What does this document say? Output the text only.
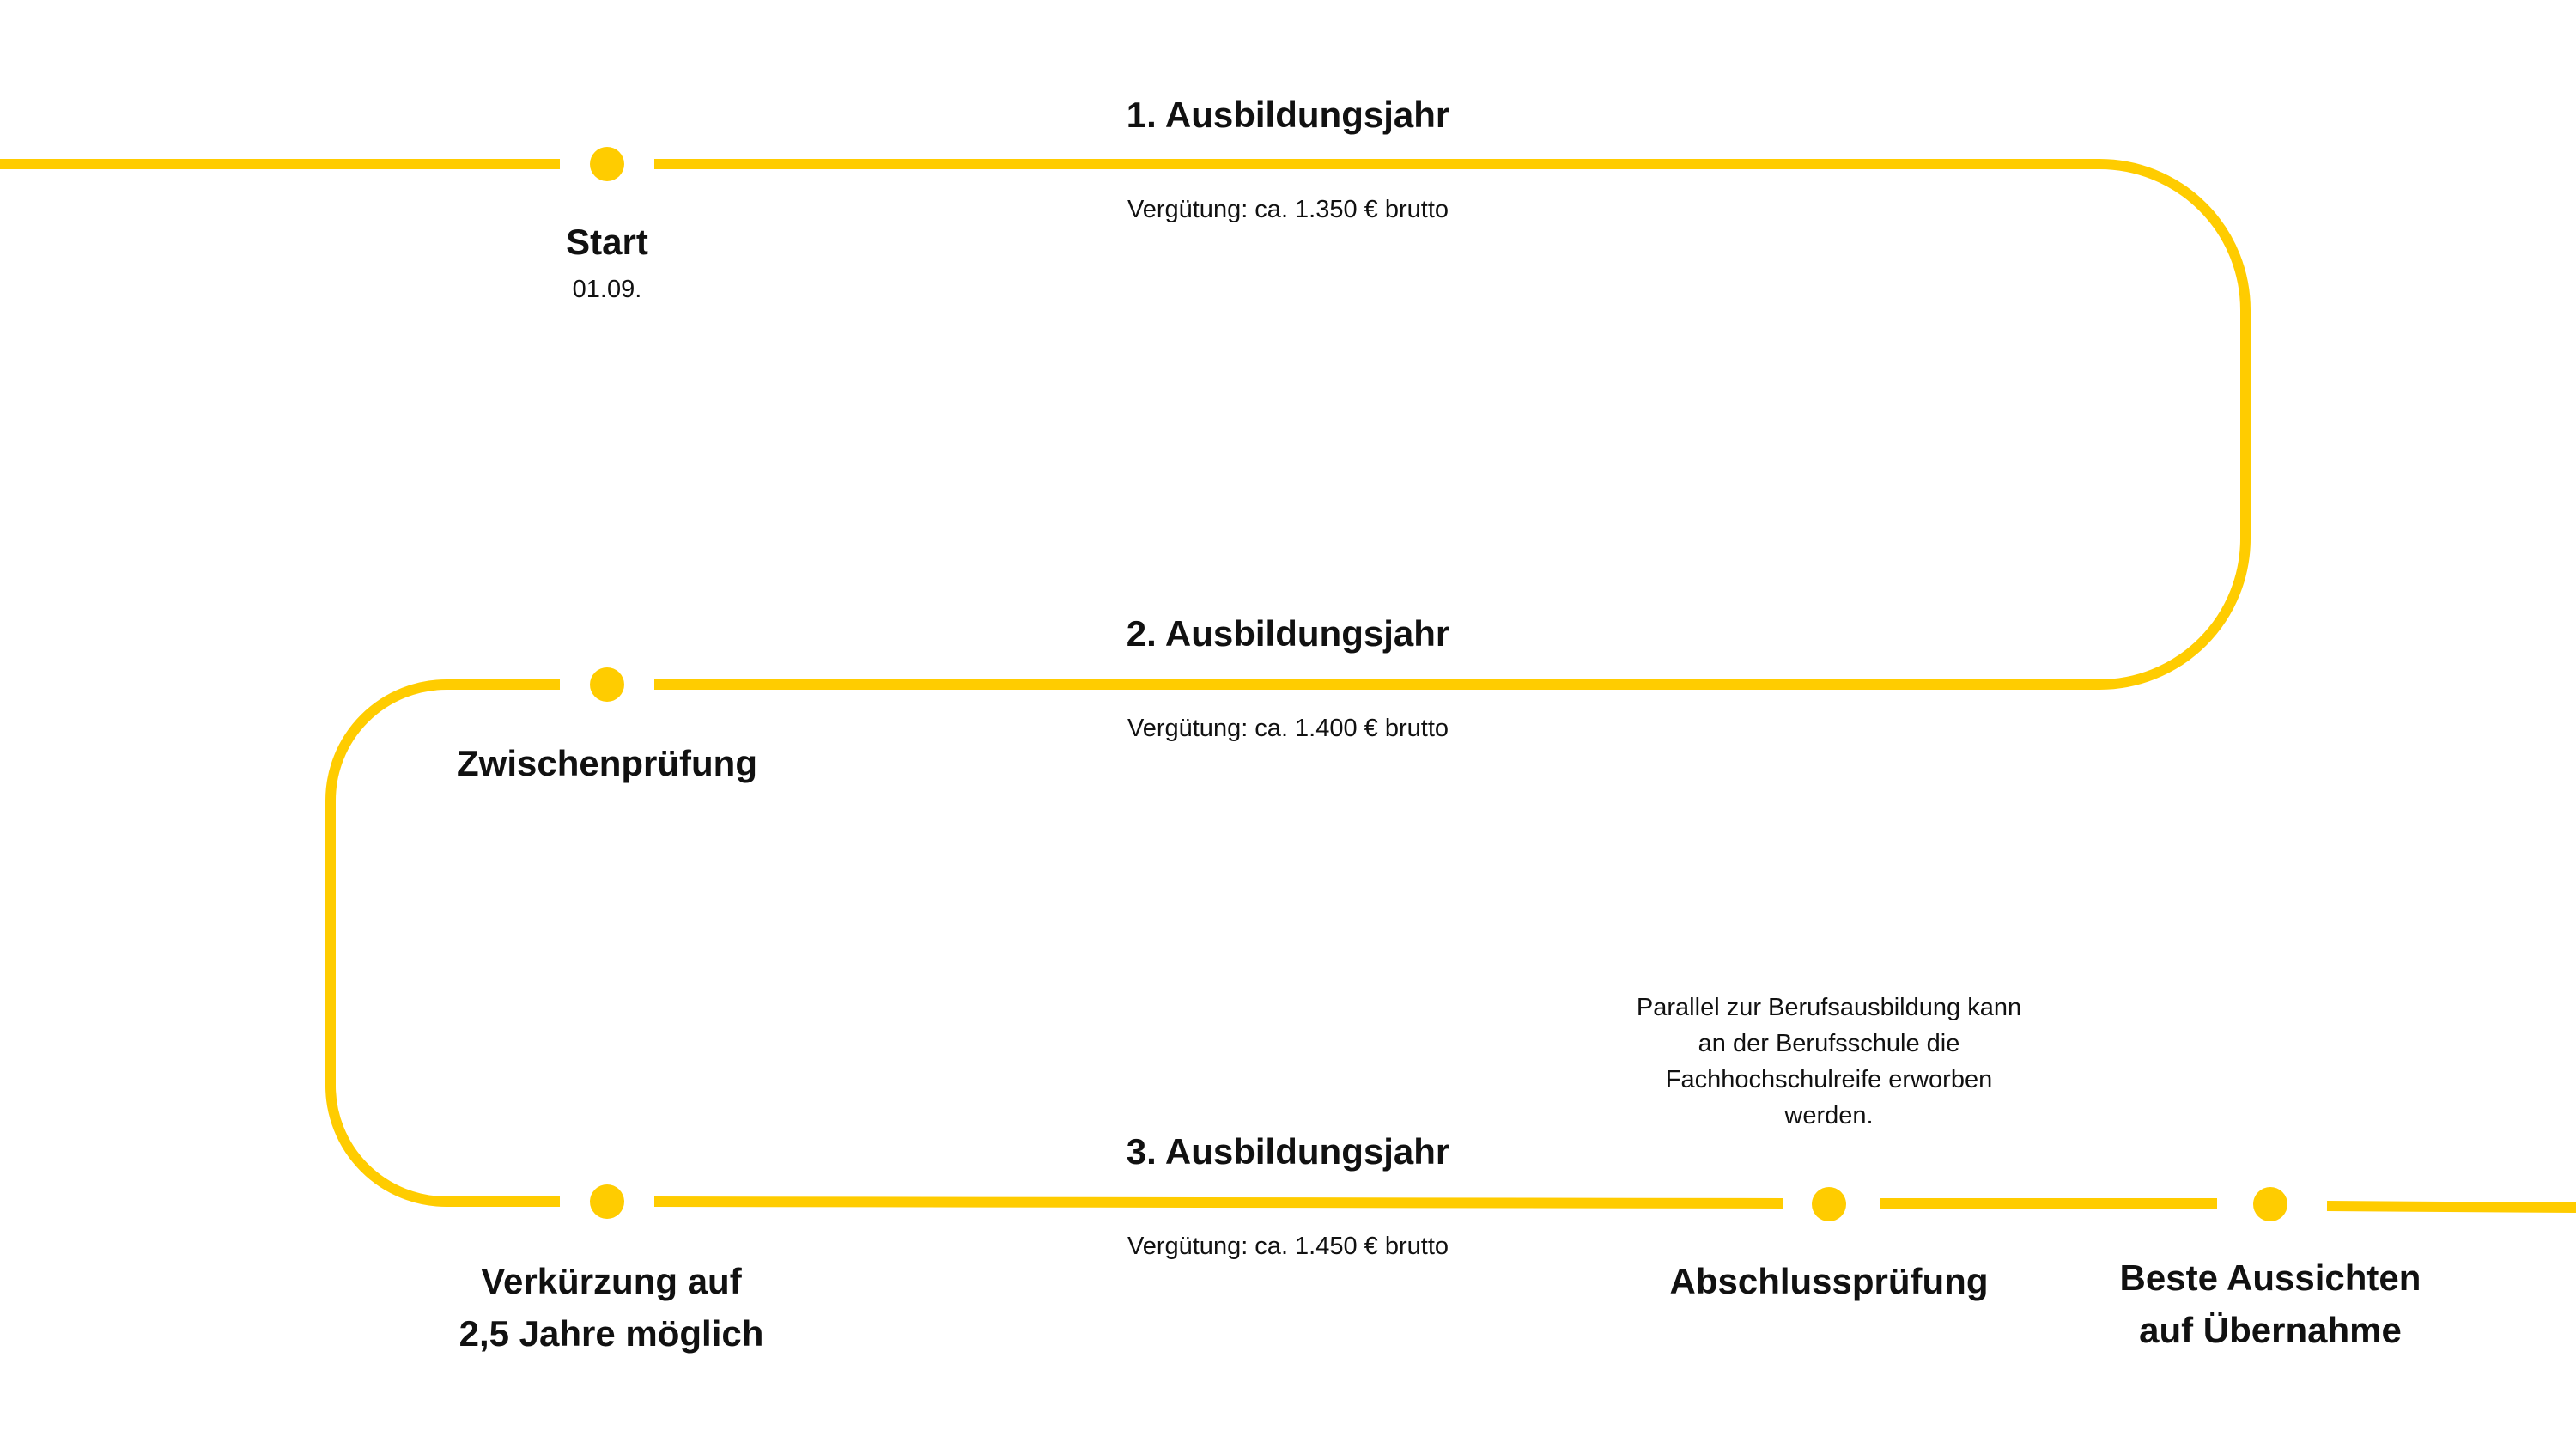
1. Ausbildungsjahr
Vergütung: ca. 1.350 € brutto
2. Ausbildungsjahr
Vergütung: ca. 1.400 € brutto
3. Ausbildungsjahr
Vergütung: ca. 1.450 € brutto
Start
01.09.
Zwischenprüfung
Verkürzung auf
2,5 Jahre möglich
Abschlussprüfung	Beste Aussichten
auf Übernahme
Parallel zur Berufsausbildung kann an der Berufsschule die Fachhochschulreife erworben werden.
